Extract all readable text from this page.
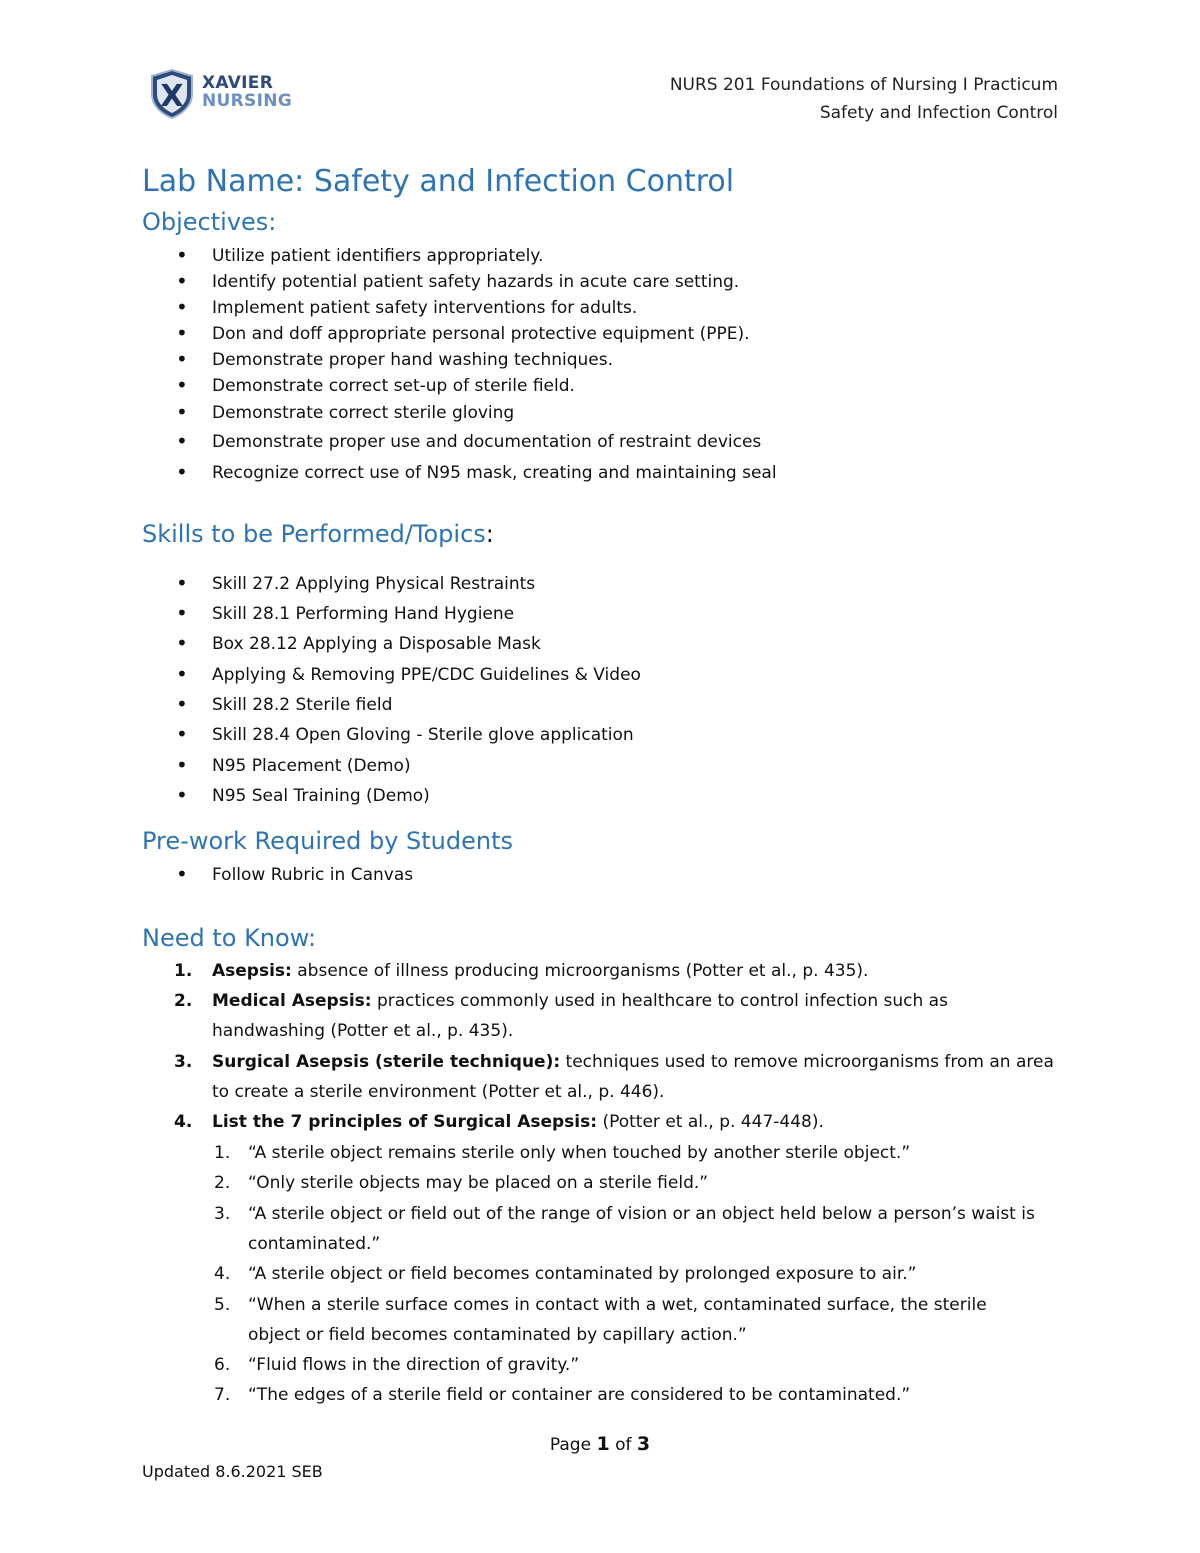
X XAVIER
NURSING
NURS 201 Foundations of Nursing I Practicum
Safety and Infection Control
Lab Name: Safety and Infection Control
Objectives:
• Utilize patient identifiers appropriately.
• Identify potential patient safety hazards in acute care setting.
• Implement patient safety interventions for adults.
• Don and doff appropriate personal protective equipment (PPE).
• Demonstrate proper hand washing techniques.
• Demonstrate correct set-up of sterile field.
• Demonstrate correct sterile gloving
• Demonstrate proper use and documentation of restraint devices
• Recognize correct use of N95 mask, creating and maintaining seal
Skills to be Performed/Topics:
• Skill 27.2 Applying Physical Restraints
• Skill 28.1 Performing Hand Hygiene
• Box 28.12 Applying a Disposable Mask
• Applying & Removing PPE/CDC Guidelines & Video
• Skill 28.2 Sterile field
• Skill 28.4 Open Gloving - Sterile glove application
• N95 Placement (Demo)
• N95 Seal Training (Demo)
Pre-work Required by Students
• Follow Rubric in Canvas
Need to Know:
1. Asepsis: absence of illness producing microorganisms (Potter et al., p. 435).
2. Medical Asepsis: practices commonly used in healthcare to control infection such as
handwashing (Potter et al., p. 435).
3. Surgical Asepsis (sterile technique): techniques used to remove microorganisms from an area
to create a sterile environment (Potter et al., p. 446).
4. List the 7 principles of Surgical Asepsis: (Potter et al., p. 447-448).
1. “A sterile object remains sterile only when touched by another sterile object.”
2. “Only sterile objects may be placed on a sterile field.”
3. “A sterile object or field out of the range of vision or an object held below a person’s waist is
contaminated.”
4. “A sterile object or field becomes contaminated by prolonged exposure to air.”
5. “When a sterile surface comes in contact with a wet, contaminated surface, the sterile
object or field becomes contaminated by capillary action.”
6. “Fluid flows in the direction of gravity.”
7. “The edges of a sterile field or container are considered to be contaminated.”
Page 1 of 3
Updated 8.6.2021 SEB
